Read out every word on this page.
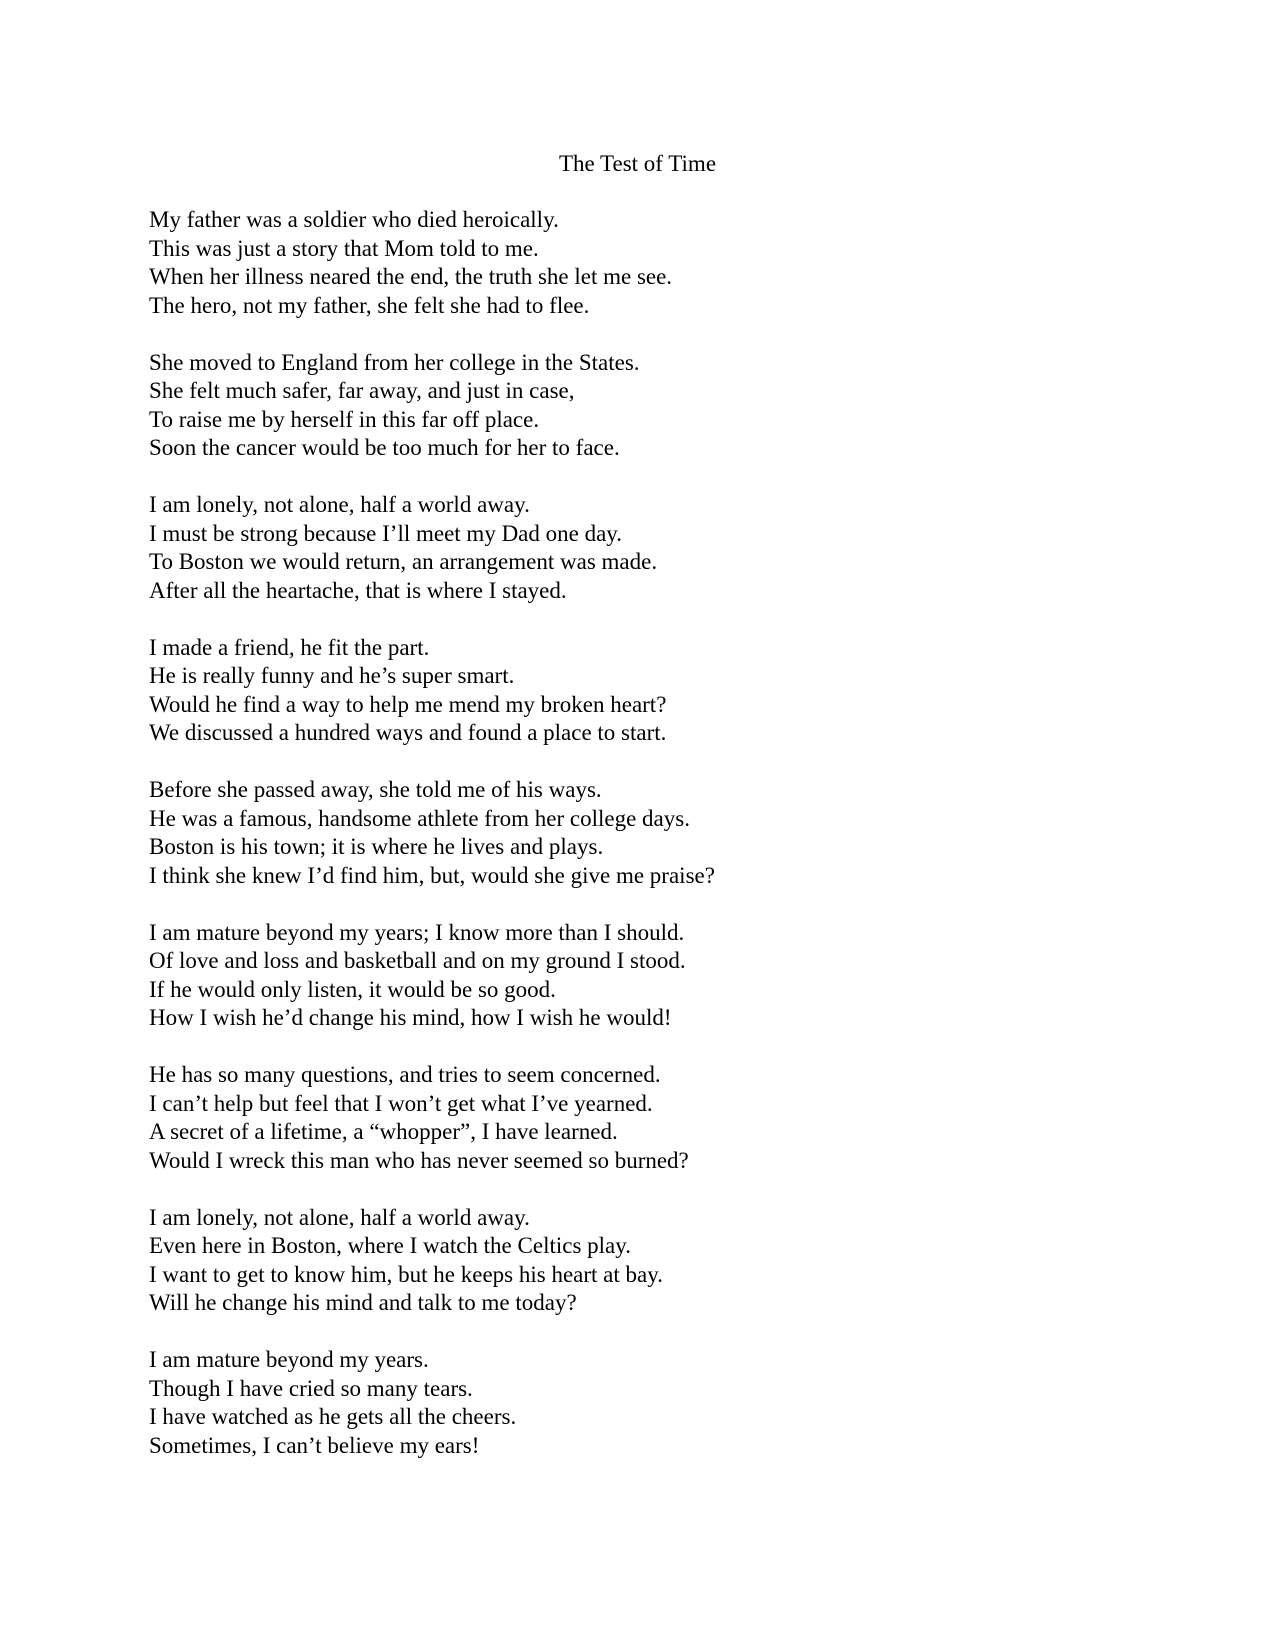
The Test of Time
My father was a soldier who died heroically.
This was just a story that Mom told to me.
When her illness neared the end, the truth she let me see.
The hero, not my father, she felt she had to flee.
She moved to England from her college in the States.
She felt much safer, far away, and just in case,
To raise me by herself in this far off place.
Soon the cancer would be too much for her to face.
I am lonely, not alone, half a world away.
I must be strong because I’ll meet my Dad one day.
To Boston we would return, an arrangement was made.
After all the heartache, that is where I stayed.
I made a friend, he fit the part.
He is really funny and he’s super smart.
Would he find a way to help me mend my broken heart?
We discussed a hundred ways and found a place to start.
Before she passed away, she told me of his ways.
He was a famous, handsome athlete from her college days.
Boston is his town; it is where he lives and plays.
I think she knew I’d find him, but, would she give me praise?
I am mature beyond my years; I know more than I should.
Of love and loss and basketball and on my ground I stood.
If he would only listen, it would be so good.
How I wish he’d change his mind, how I wish he would!
He has so many questions, and tries to seem concerned.
I can’t help but feel that I won’t get what I’ve yearned.
A secret of a lifetime, a “whopper”, I have learned.
Would I wreck this man who has never seemed so burned?
I am lonely, not alone, half a world away.
Even here in Boston, where I watch the Celtics play.
I want to get to know him, but he keeps his heart at bay.
Will he change his mind and talk to me today?
I am mature beyond my years.
Though I have cried so many tears.
I have watched as he gets all the cheers.
Sometimes, I can’t believe my ears!
